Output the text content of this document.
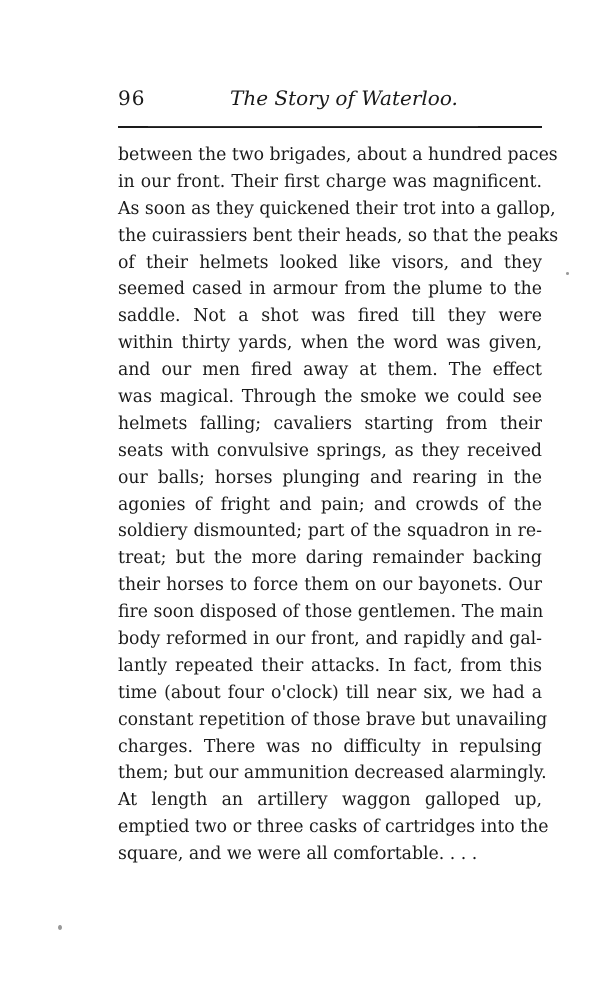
96	The Story of Waterloo.
between the two brigades, about a hundred paces
in our front. Their first charge was magnificent.
As soon as they quickened their trot into a gallop,
the cuirassiers bent their heads, so that the peaks
of their helmets looked like visors, and they
seemed cased in armour from the plume to the
saddle. Not a shot was fired till they were
within thirty yards, when the word was given,
and our men fired away at them. The effect
was magical. Through the smoke we could see
helmets falling; cavaliers starting from their
seats with convulsive springs, as they received
our balls; horses plunging and rearing in the
agonies of fright and pain; and crowds of the
soldiery dismounted; part of the squadron in re-
treat; but the more daring remainder backing
their horses to force them on our bayonets. Our
fire soon disposed of those gentlemen. The main
body reformed in our front, and rapidly and gal-
lantly repeated their attacks. In fact, from this
time (about four o'clock) till near six, we had a
constant repetition of those brave but unavailing
charges. There was no difficulty in repulsing
them; but our ammunition decreased alarmingly.
At length an artillery waggon galloped up,
emptied two or three casks of cartridges into the
square, and we were all comfortable. . . .
